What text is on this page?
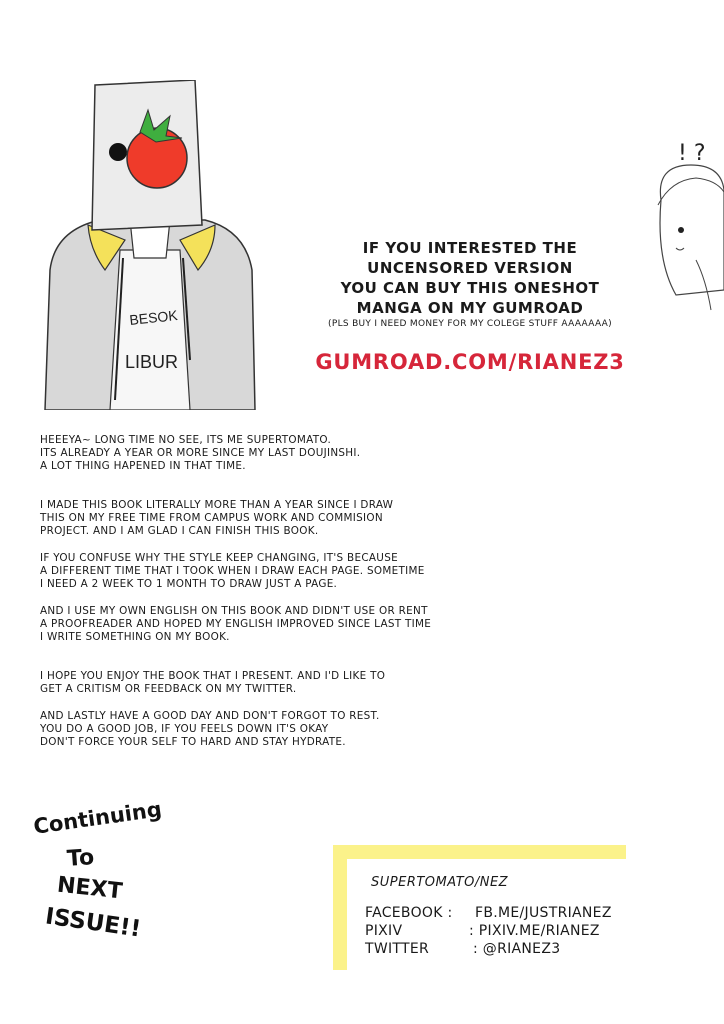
BESOK
LIBUR
! ?
IF YOU INTERESTED THE
UNCENSORED VERSION
YOU CAN BUY THIS ONESHOT
MANGA ON MY GUMROAD
(PLS BUY I NEED MONEY FOR MY COLEGE STUFF AAAAAAA)
GUMROAD.COM/RIANEZ3
HEEEYA~ LONG TIME NO SEE, ITS ME SUPERTOMATO.
ITS ALREADY A YEAR OR MORE SINCE MY LAST DOUJINSHI.
A LOT THING HAPENED IN THAT TIME.
I MADE THIS BOOK LITERALLY MORE THAN A YEAR SINCE I DRAW
THIS ON MY FREE TIME FROM CAMPUS WORK AND COMMISION
PROJECT. AND I AM GLAD I CAN FINISH THIS BOOK.
IF YOU CONFUSE WHY THE STYLE KEEP CHANGING, IT'S BECAUSE
A DIFFERENT TIME THAT I TOOK WHEN I DRAW EACH PAGE. SOMETIME
I NEED A 2 WEEK TO 1 MONTH TO DRAW JUST A PAGE.
AND I USE MY OWN ENGLISH ON THIS BOOK AND DIDN'T USE OR RENT
A PROOFREADER AND HOPED MY ENGLISH IMPROVED SINCE LAST TIME
I WRITE SOMETHING ON MY BOOK.
I HOPE YOU ENJOY THE BOOK THAT I PRESENT. AND I'D LIKE TO
GET A CRITISM OR FEEDBACK ON MY TWITTER.
AND LASTLY HAVE A GOOD DAY AND DON'T FORGOT TO REST.
YOU DO A GOOD JOB, IF YOU FEELS DOWN IT'S OKAY
DON'T FORCE YOUR SELF TO HARD AND STAY HYDRATE.
Continuing
To
NEXT
ISSUE!!
SUPERTOMATO/NEZ
FACEBOOK : FB.ME/JUSTRIANEZ
PIXIV	: PIXIV.ME/RIANEZ
TWITTER	: @RIANEZ3
